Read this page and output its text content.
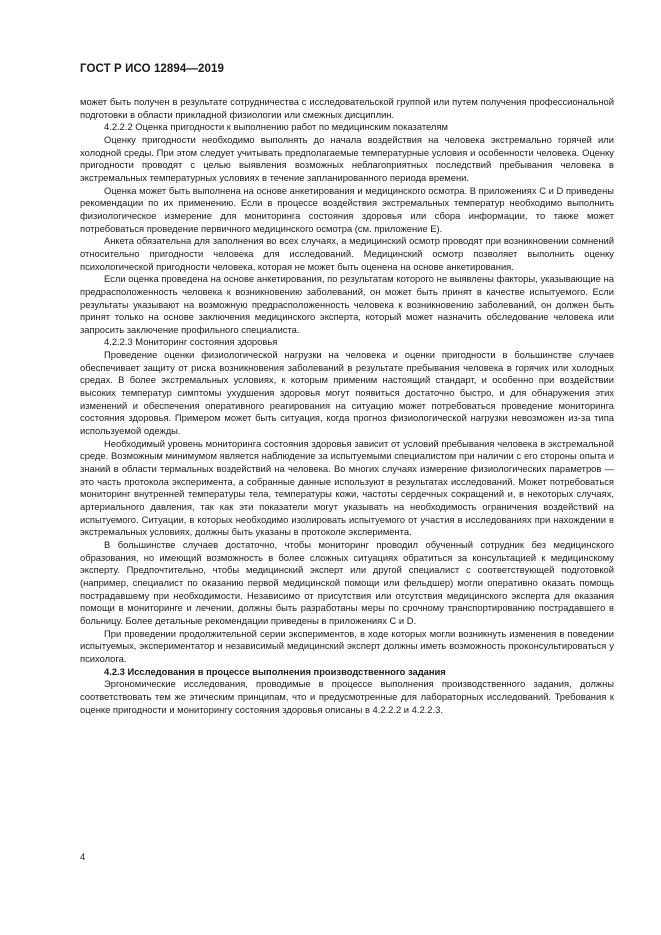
ГОСТ Р ИСО 12894—2019

может быть получен в результате сотрудничества с исследовательской группой или путем получения профессиональной подготовки в области прикладной физиологии или смежных дисциплин.

4.2.2.2 Оценка пригодности к выполнению работ по медицинским показателям

Оценку пригодности необходимо выполнять до начала воздействия на человека экстремально горячей или холодной среды. При этом следует учитывать предполагаемые температурные условия и особенности человека. Оценку пригодности проводят с целью выявления возможных неблагоприятных последствий пребывания человека в экстремальных температурных условиях в течение запланированного периода времени.

Оценка может быть выполнена на основе анкетирования и медицинского осмотра. В приложениях С и D приведены рекомендации по их применению. Если в процессе воздействия экстремальных температур необходимо выполнить физиологическое измерение для мониторинга состояния здоровья или сбора информации, то также может потребоваться проведение первичного медицинского осмотра (см. приложение Е).

Анкета обязательна для заполнения во всех случаях, а медицинский осмотр проводят при возникновении сомнений относительно пригодности человека для исследований. Медицинский осмотр позволяет выполнить оценку психологической пригодности человека, которая не может быть оценена на основе анкетирования.

Если оценка проведена на основе анкетирования, по результатам которого не выявлены факторы, указывающие на предрасположенность человека к возникновению заболеваний, он может быть принят в качестве испытуемого. Если результаты указывают на возможную предрасположенность человека к возникновению заболеваний, он должен быть принят только на основе заключения медицинского эксперта, который может назначить обследование человека или запросить заключение профильного специалиста.

4.2.2.3 Мониторинг состояния здоровья

Проведение оценки физиологической нагрузки на человека и оценки пригодности в большинстве случаев обеспечивает защиту от риска возникновения заболеваний в результате пребывания человека в горячих или холодных средах. В более экстремальных условиях, к которым применим настоящий стандарт, и особенно при воздействии высоких температур симптомы ухудшения здоровья могут появиться достаточно быстро, и для обнаружения этих изменений и обеспечения оперативного реагирования на ситуацию может потребоваться проведение мониторинга состояния здоровья. Примером может быть ситуация, когда прогноз физиологической нагрузки невозможен из-за типа используемой одежды.

Необходимый уровень мониторинга состояния здоровья зависит от условий пребывания человека в экстремальной среде. Возможным минимумом является наблюдение за испытуемыми специалистом при наличии с его стороны опыта и знаний в области термальных воздействий на человека. Во многих случаях измерение физиологических параметров — это часть протокола эксперимента, а собранные данные используют в результатах исследований. Может потребоваться мониторинг внутренней температуры тела, температуры кожи, частоты сердечных сокращений и, в некоторых случаях, артериального давления, так как эти показатели могут указывать на необходимость ограничения воздействий на испытуемого. Ситуации, в которых необходимо изолировать испытуемого от участия в исследованиях при нахождении в экстремальных условиях, должны быть указаны в протоколе эксперимента.

В большинстве случаев достаточно, чтобы мониторинг проводил обученный сотрудник без медицинского образования, но имеющий возможность в более сложных ситуациях обратиться за консультацией к медицинскому эксперту. Предпочтительно, чтобы медицинский эксперт или другой специалист с соответствующей подготовкой (например, специалист по оказанию первой медицинской помощи или фельдшер) могли оперативно оказать помощь пострадавшему при необходимости. Независимо от присутствия или отсутствия медицинского эксперта для оказания помощи в мониторинге и лечении, должны быть разработаны меры по срочному транспортированию пострадавшего в больницу. Более детальные рекомендации приведены в приложениях С и D.

При проведении продолжительной серии экспериментов, в ходе которых могли возникнуть изменения в поведении испытуемых, экспериментатор и независимый медицинский эксперт должны иметь возможность проконсультироваться у психолога.

4.2.3 Исследования в процессе выполнения производственного задания

Эргономические исследования, проводимые в процессе выполнения производственного задания, должны соответствовать тем же этическим принципам, что и предусмотренные для лабораторных исследований. Требования к оценке пригодности и мониторингу состояния здоровья описаны в 4.2.2.2 и 4.2.2.3.

4
